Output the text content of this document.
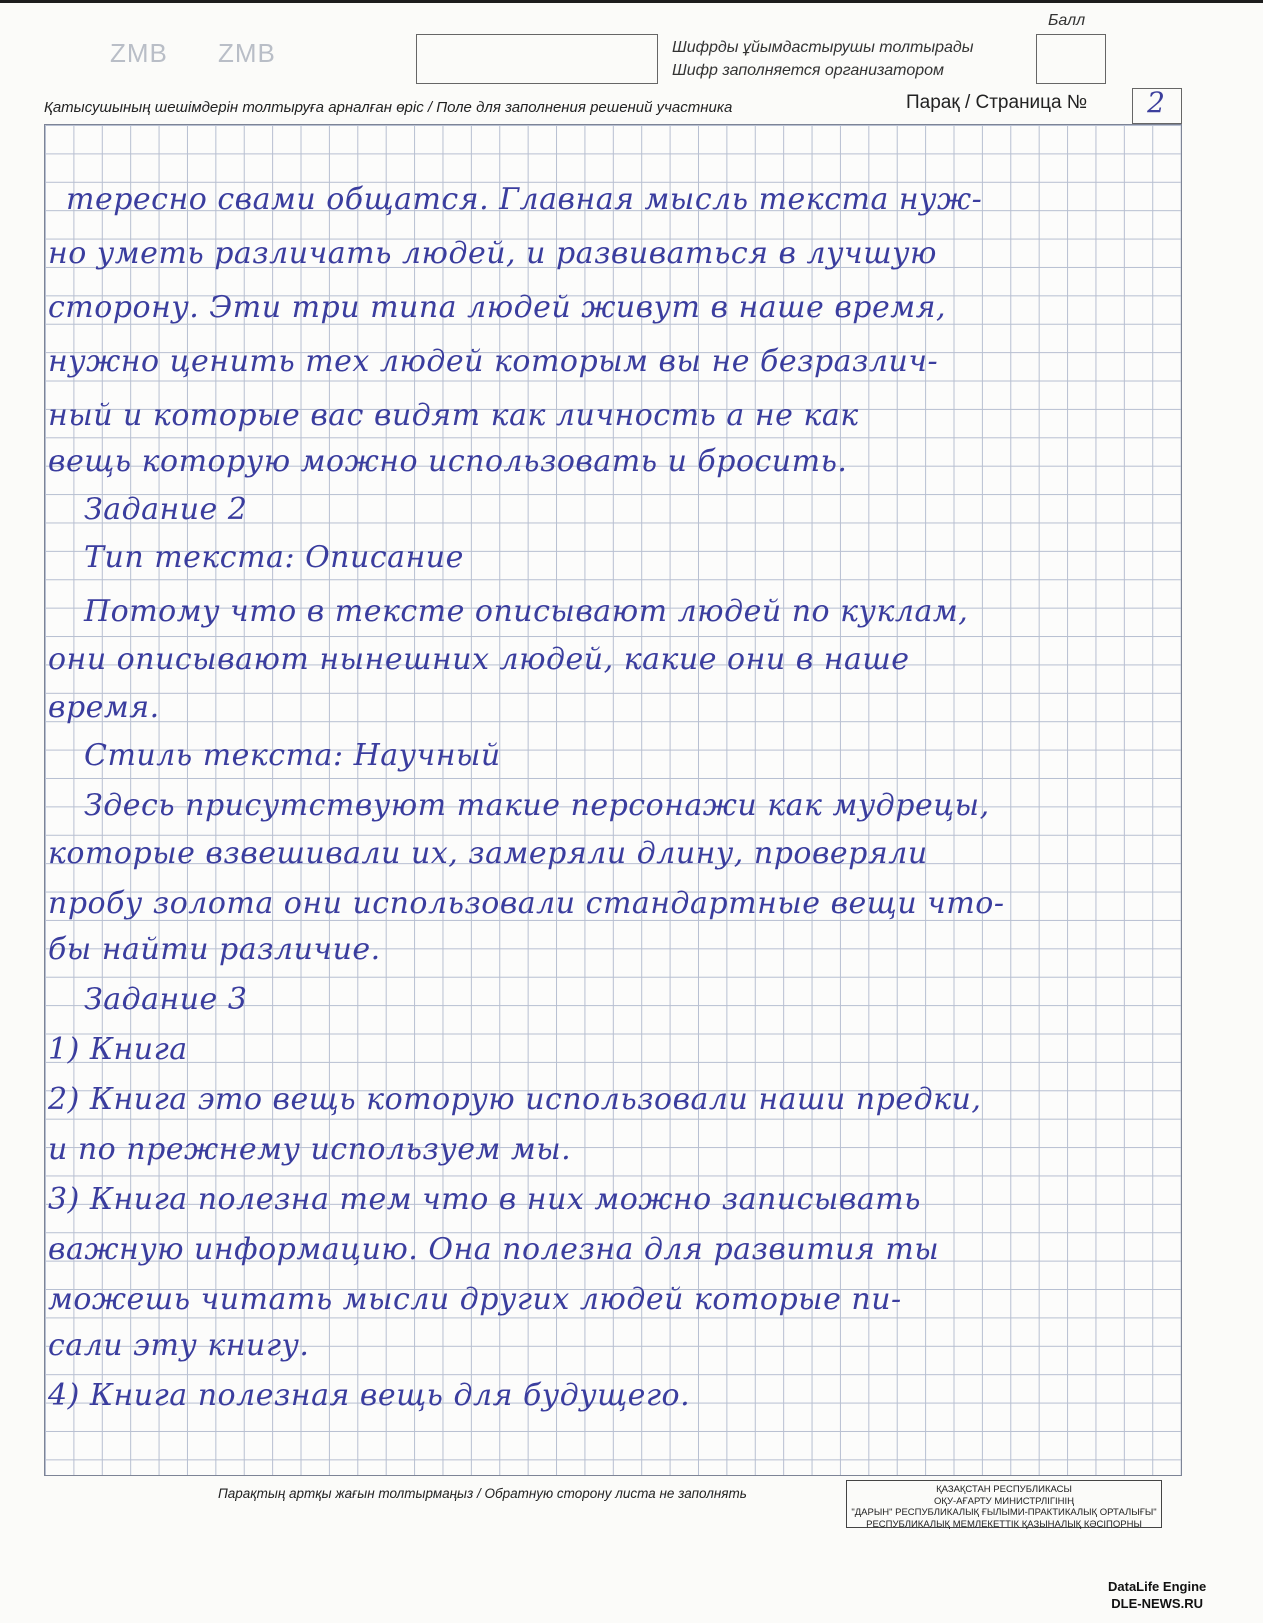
ZMB ZMB	Шифрды ұйымдастырушы толтырады
Шифр заполняется организатором
Балл
Қатысушының шешімдерін толтыруға арналған өріс / Поле для заполнения решений участника	Парақ / Страница №	2
тересно свами общатся. Главная мысль текста нуж-
но уметь различать людей, и развиваться в лучшую
сторону. Эти три типа людей живут в наше время,
нужно ценить тех людей которым вы не безразлич-
ный и которые вас видят как личность а не как
вещь которую можно использовать и бросить.
Задание 2
Тип текста: Описание
Потому что в тексте описывают людей по куклам,
они описывают нынешних людей, какие они в наше
время.
Стиль текста: Научный
Здесь присутствуют такие персонажи как мудрецы,
которые взвешивали их, замеряли длину, проверяли
пробу золота они использовали стандартные вещи что-
бы найти различие.
Задание 3
1) Книга
2) Книга это вещь которую использовали наши предки,
и по прежнему используем мы.
3) Книга полезна тем что в них можно записывать
важную информацию. Она полезна для развития ты
можешь читать мысли других людей которые пи-
сали эту книгу.
4) Книга полезная вещь для будущего.
Парақтың артқы жағын толтырмаңыз / Обратную сторону листа не заполнять	ҚАЗАҚСТАН РЕСПУБЛИКАСЫ
ОҚУ-АҒАРТУ МИНИСТРЛІГІНІҢ
"ДАРЫН" РЕСПУБЛИКАЛЫҚ ҒЫЛЫМИ-ПРАКТИКАЛЫҚ ОРТАЛЫҒЫ"
РЕСПУБЛИКАЛЫҚ МЕМЛЕКЕТТІК ҚАЗЫНАЛЫҚ КӘСІПОРНЫ
DataLife Engine
DLE-NEWS.RU
